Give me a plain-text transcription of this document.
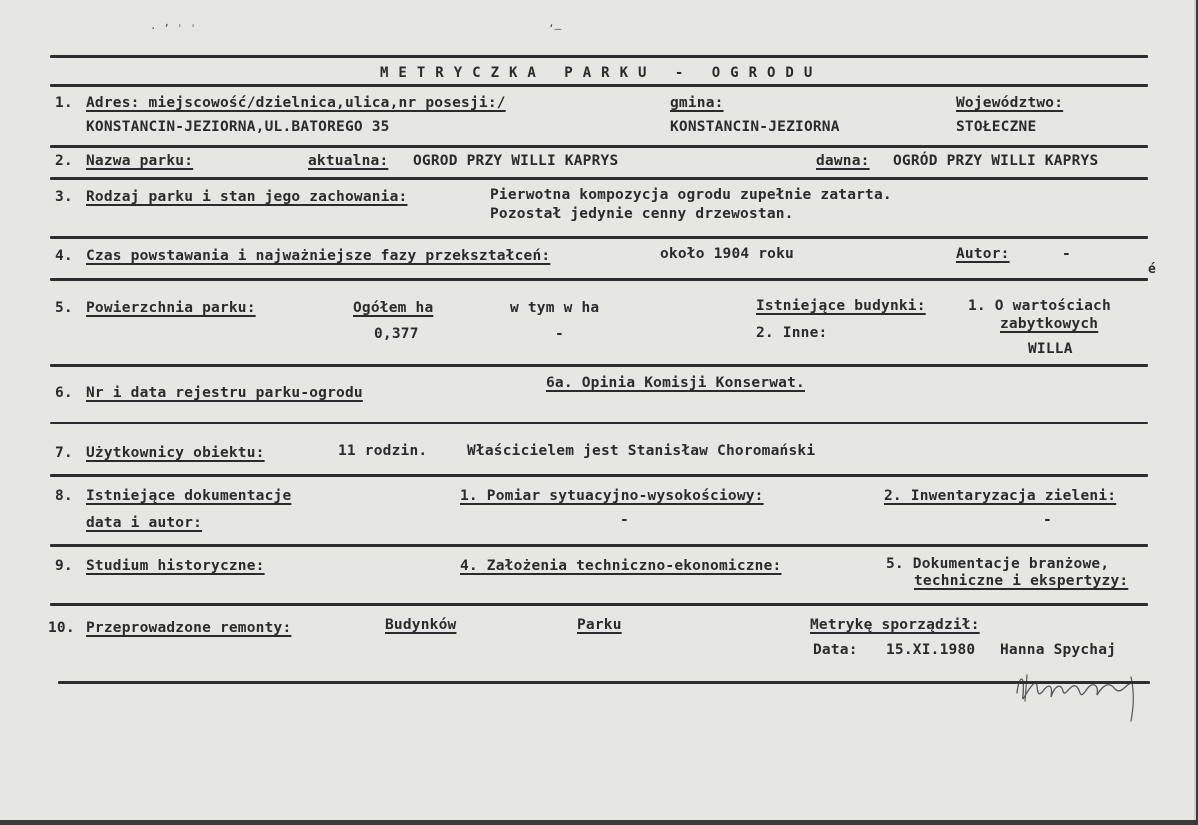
· ʼ ˈ ˈ	ʻ—
METRYCZKA PARKU - OGRODU
1. Adres: miejscowość/dzielnica,ulica,nr posesji:/
KONSTANCIN-JEZIORNA,UL.BATOREGO 35
gmina:
KONSTANCIN-JEZIORNA
Województwo:
STOŁECZNE
2. Nazwa parku:	aktualna: OGROD PRZY WILLI KAPRYS	dawna: OGRÓD PRZY WILLI KAPRYS
3. Rodzaj parku i stan jego zachowania:	Pierwotna kompozycja ogrodu zupełnie zatarta.
Pozostał jedynie cenny drzewostan.
4. Czas powstawania i najważniejsze fazy przekształceń:	około 1904 roku	Autor:	-
é
5. Powierzchnia parku:	Ogółem ha
0,377
w tym w ha
-
Istniejące budynki:	1. O wartościach
zabytkowych
WILLA
2. Inne:
6. Nr i data rejestru parku-ogrodu
6a. Opinia Komisji Konserwat.
7. Użytkownicy obiektu:	11 rodzin.	Właścicielem jest Stanisław Choromański
8. Istniejące dokumentacje
data i autor:
1. Pomiar sytuacyjno-wysokościowy:
-
2. Inwentaryzacja zieleni:
-
9. Studium historyczne:	4. Założenia techniczno-ekonomiczne:	5. Dokumentacje branżowe,
techniczne i ekspertyzy:
10. Przeprowadzone remonty:	Budynków	Parku	Metrykę sporządził:
Data: 15.XI.1980 Hanna Spychaj
